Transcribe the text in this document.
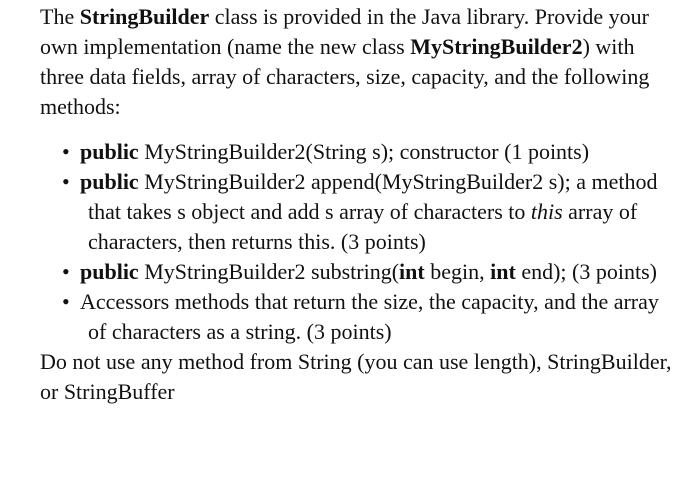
The StringBuilder class is provided in the Java library. Provide your own implementation (name the new class MyStringBuilder2) with three data fields, array of characters, size, capacity, and the following methods:

• public MyStringBuilder2(String s); constructor (1 points)
• public MyStringBuilder2 append(MyStringBuilder2 s); a method that takes s object and add s array of characters to this array of characters, then returns this. (3 points)
• public MyStringBuilder2 substring(int begin, int end); (3 points)
• Accessors methods that return the size, the capacity, and the array of characters as a string. (3 points)

Do not use any method from String (you can use length), StringBuilder, or StringBuffer
